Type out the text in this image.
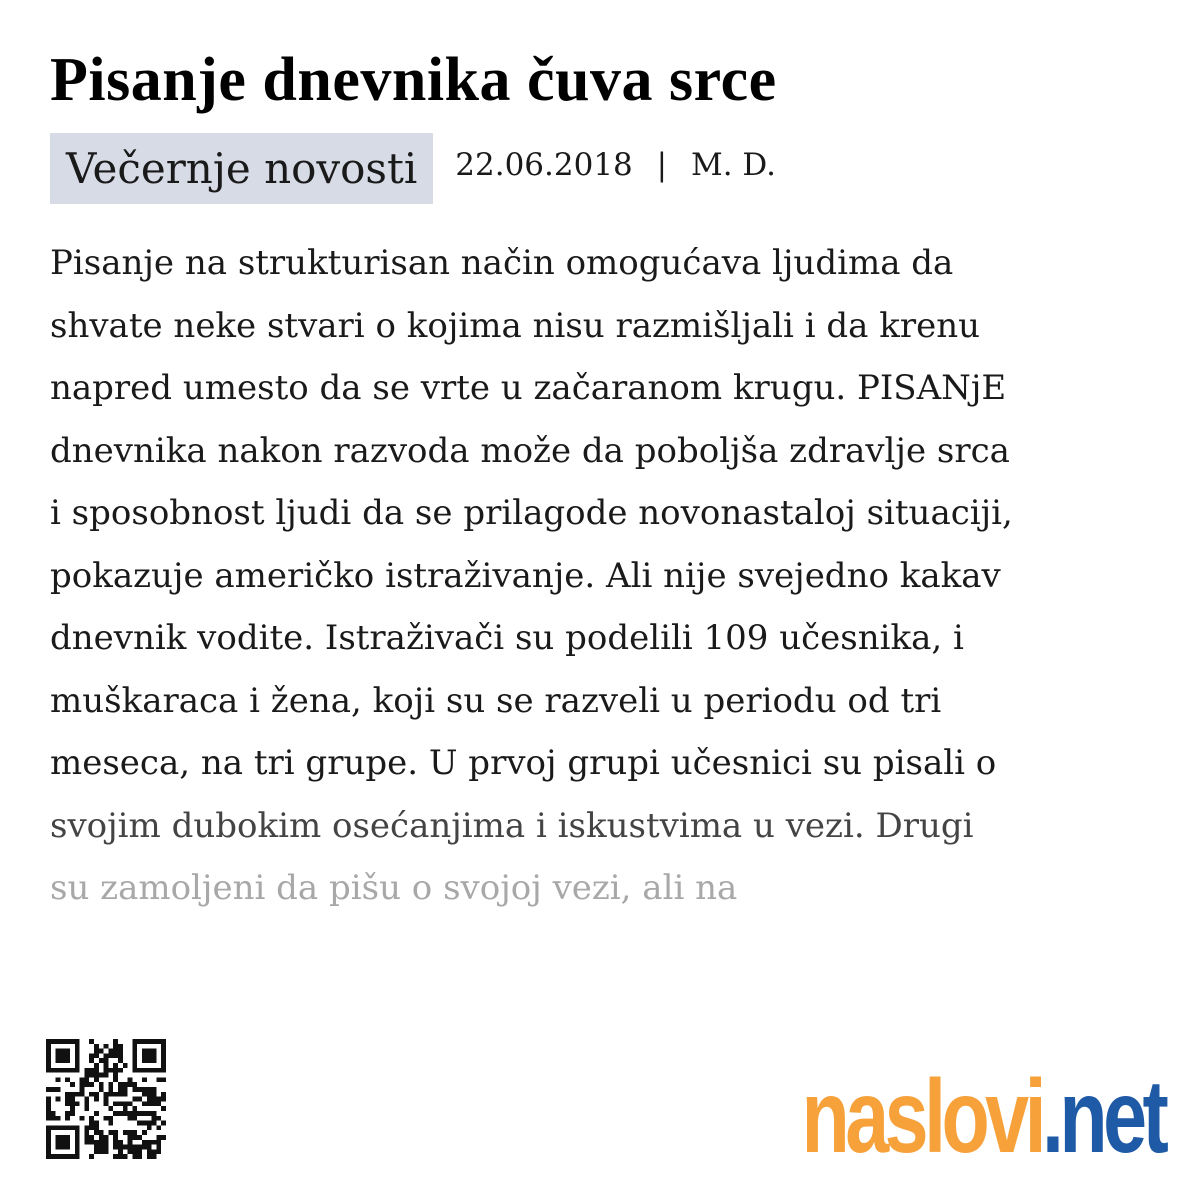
Pisanje dnevnika čuva srce
Večernje novosti	22.06.2018 | M. D.
Pisanje na strukturisan način omogućava ljudima da
shvate neke stvari o kojima nisu razmišljali i da krenu
napred umesto da se vrte u začaranom krugu. PISANjE
dnevnika nakon razvoda može da poboljša zdravlje srca
i sposobnost ljudi da se prilagode novonastaloj situaciji,
pokazuje američko istraživanje. Ali nije svejedno kakav
dnevnik vodite. Istraživači su podelili 109 učesnika, i
muškaraca i žena, koji su se razveli u periodu od tri
meseca, na tri grupe. U prvoj grupi učesnici su pisali o
svojim dubokim osećanjima i iskustvima u vezi. Drugi
su zamoljeni da pišu o svojoj vezi, ali na
naslovi.net
